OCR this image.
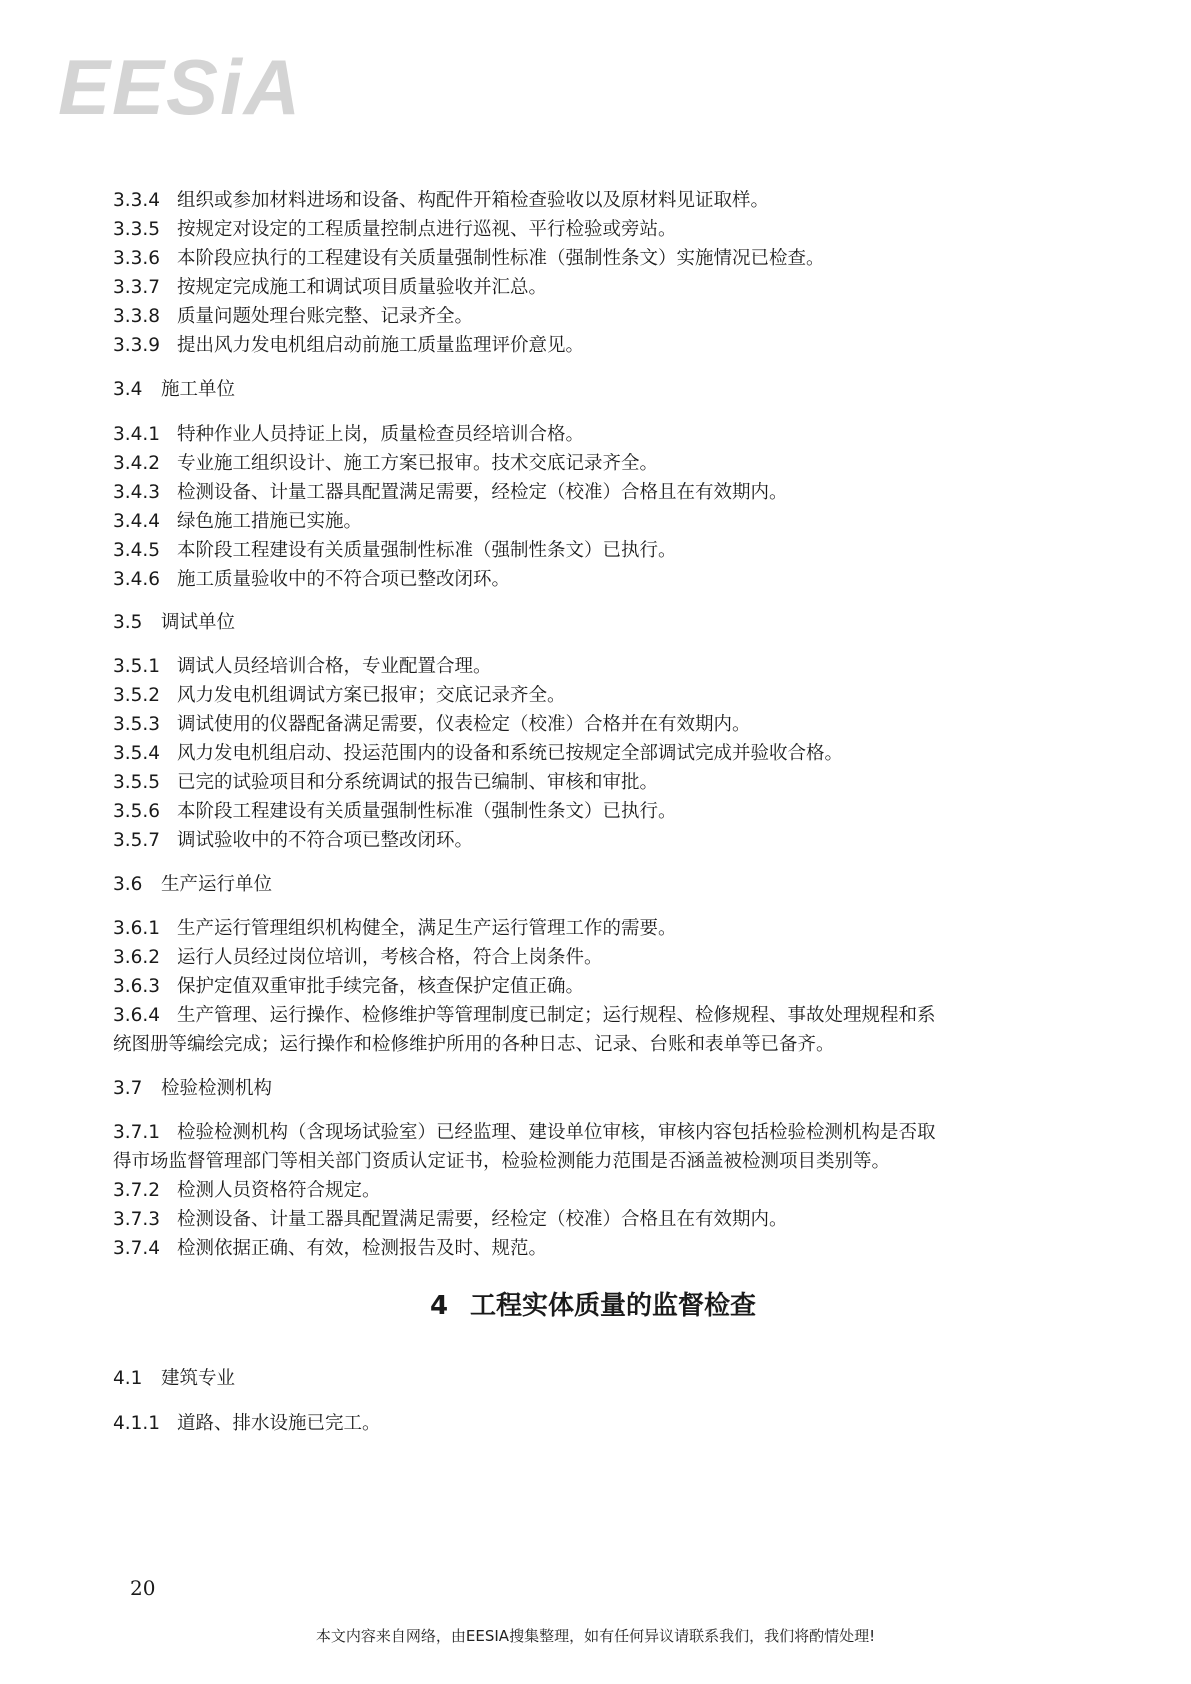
EESiA
3.3.4 组织或参加材料进场和设备、构配件开箱检查验收以及原材料见证取样。
3.3.5 按规定对设定的工程质量控制点进行巡视、平行检验或旁站。
3.3.6 本阶段应执行的工程建设有关质量强制性标准（强制性条文）实施情况已检查。
3.3.7 按规定完成施工和调试项目质量验收并汇总。
3.3.8 质量问题处理台账完整、记录齐全。
3.3.9 提出风力发电机组启动前施工质量监理评价意见。
3.4 施工单位
3.4.1 特种作业人员持证上岗，质量检查员经培训合格。
3.4.2 专业施工组织设计、施工方案已报审。技术交底记录齐全。
3.4.3 检测设备、计量工器具配置满足需要，经检定（校准）合格且在有效期内。
3.4.4 绿色施工措施已实施。
3.4.5 本阶段工程建设有关质量强制性标准（强制性条文）已执行。
3.4.6 施工质量验收中的不符合项已整改闭环。
3.5 调试单位
3.5.1 调试人员经培训合格，专业配置合理。
3.5.2 风力发电机组调试方案已报审；交底记录齐全。
3.5.3 调试使用的仪器配备满足需要，仪表检定（校准）合格并在有效期内。
3.5.4 风力发电机组启动、投运范围内的设备和系统已按规定全部调试完成并验收合格。
3.5.5 已完的试验项目和分系统调试的报告已编制、审核和审批。
3.5.6 本阶段工程建设有关质量强制性标准（强制性条文）已执行。
3.5.7 调试验收中的不符合项已整改闭环。
3.6 生产运行单位
3.6.1 生产运行管理组织机构健全，满足生产运行管理工作的需要。
3.6.2 运行人员经过岗位培训，考核合格，符合上岗条件。
3.6.3 保护定值双重审批手续完备，核查保护定值正确。
3.6.4 生产管理、运行操作、检修维护等管理制度已制定；运行规程、检修规程、事故处理规程和系
统图册等编绘完成；运行操作和检修维护所用的各种日志、记录、台账和表单等已备齐。
3.7 检验检测机构
3.7.1 检验检测机构（含现场试验室）已经监理、建设单位审核，审核内容包括检验检测机构是否取
得市场监督管理部门等相关部门资质认定证书，检验检测能力范围是否涵盖被检测项目类别等。
3.7.2 检测人员资格符合规定。
3.7.3 检测设备、计量工器具配置满足需要，经检定（校准）合格且在有效期内。
3.7.4 检测依据正确、有效，检测报告及时、规范。
4 工程实体质量的监督检查
4.1 建筑专业
4.1.1 道路、排水设施已完工。
20
本文内容来自网络，由EESIA搜集整理，如有任何异议请联系我们，我们将酌情处理!
